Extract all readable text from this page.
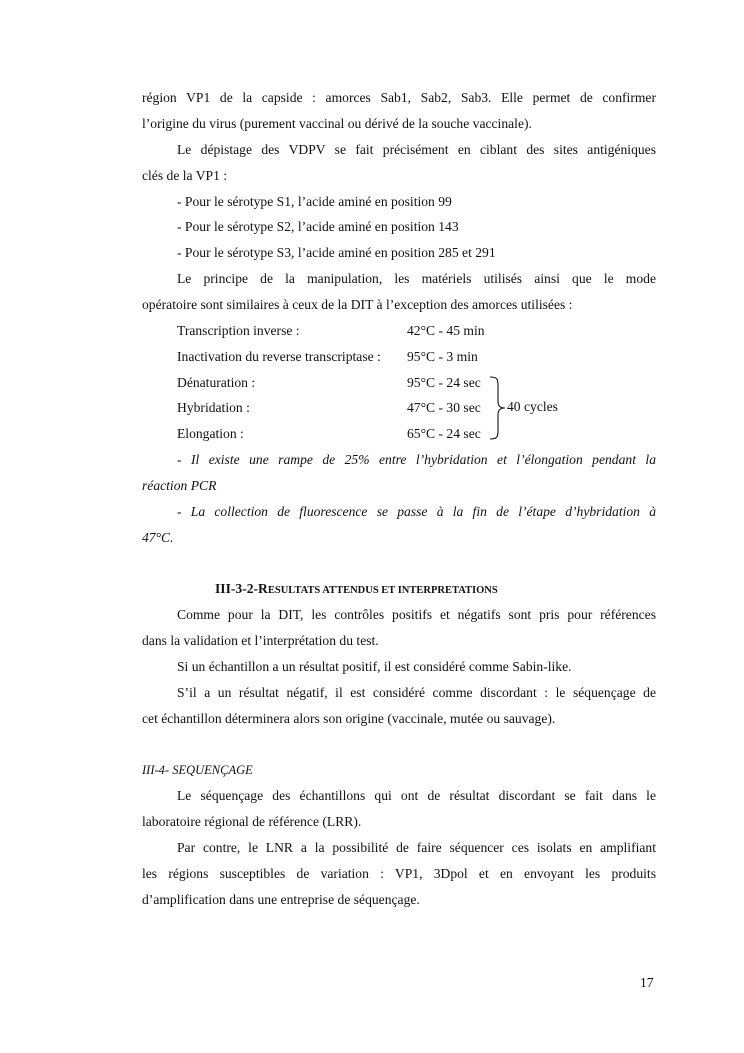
région VP1 de la capside : amorces Sab1, Sab2, Sab3. Elle permet de confirmer
l’origine du virus (purement vaccinal ou dérivé de la souche vaccinale).
Le dépistage des VDPV se fait précisément en ciblant des sites antigéniques
clés de la VP1 :
- Pour le sérotype S1, l’acide aminé en position 99
- Pour le sérotype S2, l’acide aminé en position 143
- Pour le sérotype S3, l’acide aminé en position 285 et 291
Le principe de la manipulation, les matériels utilisés ainsi que le mode
opératoire sont similaires à ceux de la DIT à l’exception des amorces utilisées :
Transcription inverse :	42°C - 45 min
Inactivation du reverse transcriptase : 95°C - 3 min
Dénaturation :	95°C - 24 sec
Hybridation :	47°C - 30 sec
Elongation :	65°C - 24 sec
40 cycles
- Il existe une rampe de 25% entre l’hybridation et l’élongation pendant la
réaction PCR
- La collection de fluorescence se passe à la fin de l’étape d’hybridation à
47°C.
III-3-2-RESULTATS ATTENDUS ET INTERPRETATIONS
Comme pour la DIT, les contrôles positifs et négatifs sont pris pour références
dans la validation et l’interprétation du test.
Si un échantillon a un résultat positif, il est considéré comme Sabin-like.
S’il a un résultat négatif, il est considéré comme discordant : le séquençage de
cet échantillon déterminera alors son origine (vaccinale, mutée ou sauvage).
III-4- SEQUENÇAGE
Le séquençage des échantillons qui ont de résultat discordant se fait dans le
laboratoire régional de référence (LRR).
Par contre, le LNR a la possibilité de faire séquencer ces isolats en amplifiant
les régions susceptibles de variation : VP1, 3Dpol et en envoyant les produits
d’amplification dans une entreprise de séquençage.
17
